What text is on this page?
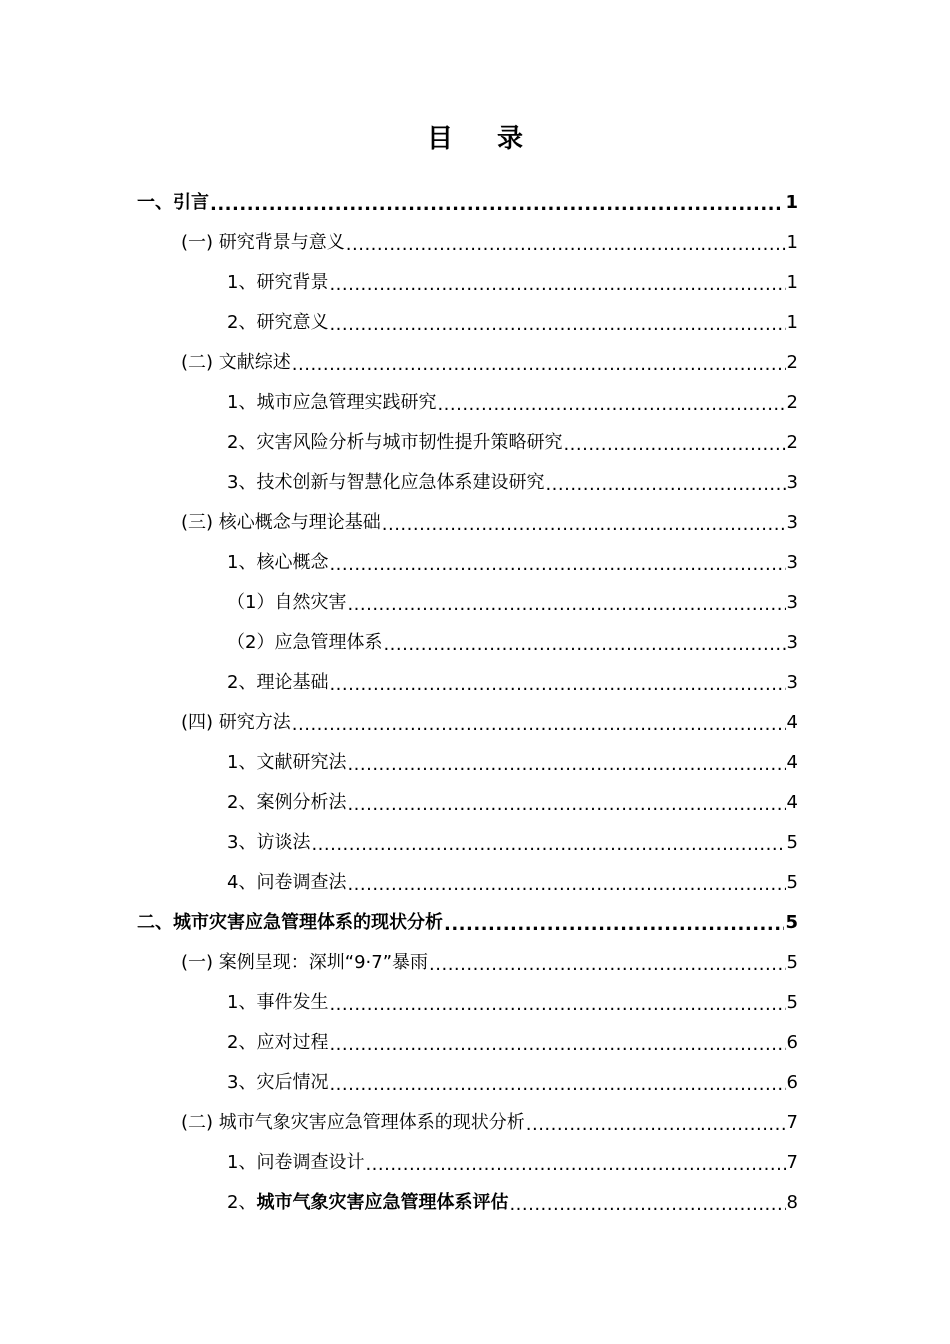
目 录
一、引言 .....	1
(一) 研究背景与意义 .....	1
1、研究背景 .....	1
2、研究意义 .....	1
(二) 文献综述 .....	2
1、城市应急管理实践研究 .....	2
2、灾害风险分析与城市韧性提升策略研究 .....	2
3、技术创新与智慧化应急体系建设研究 .....	3
(三) 核心概念与理论基础 .....	3
1、核心概念 .....	3
（1）自然灾害 .....	3
（2）应急管理体系 .....	3
2、理论基础 .....	3
(四) 研究方法 .....	4
1、文献研究法 .....	4
2、案例分析法 .....	4
3、访谈法 .....	5
4、问卷调查法 .....	5
二、城市灾害应急管理体系的现状分析 .....	5
(一) 案例呈现：深圳“9·7”暴雨 .....	5
1、事件发生 .....	5
2、应对过程 .....	6
3、灾后情况 .....	6
(二) 城市气象灾害应急管理体系的现状分析 .....	7
1、问卷调查设计 .....	7
2、城市气象灾害应急管理体系评估 .....	8
